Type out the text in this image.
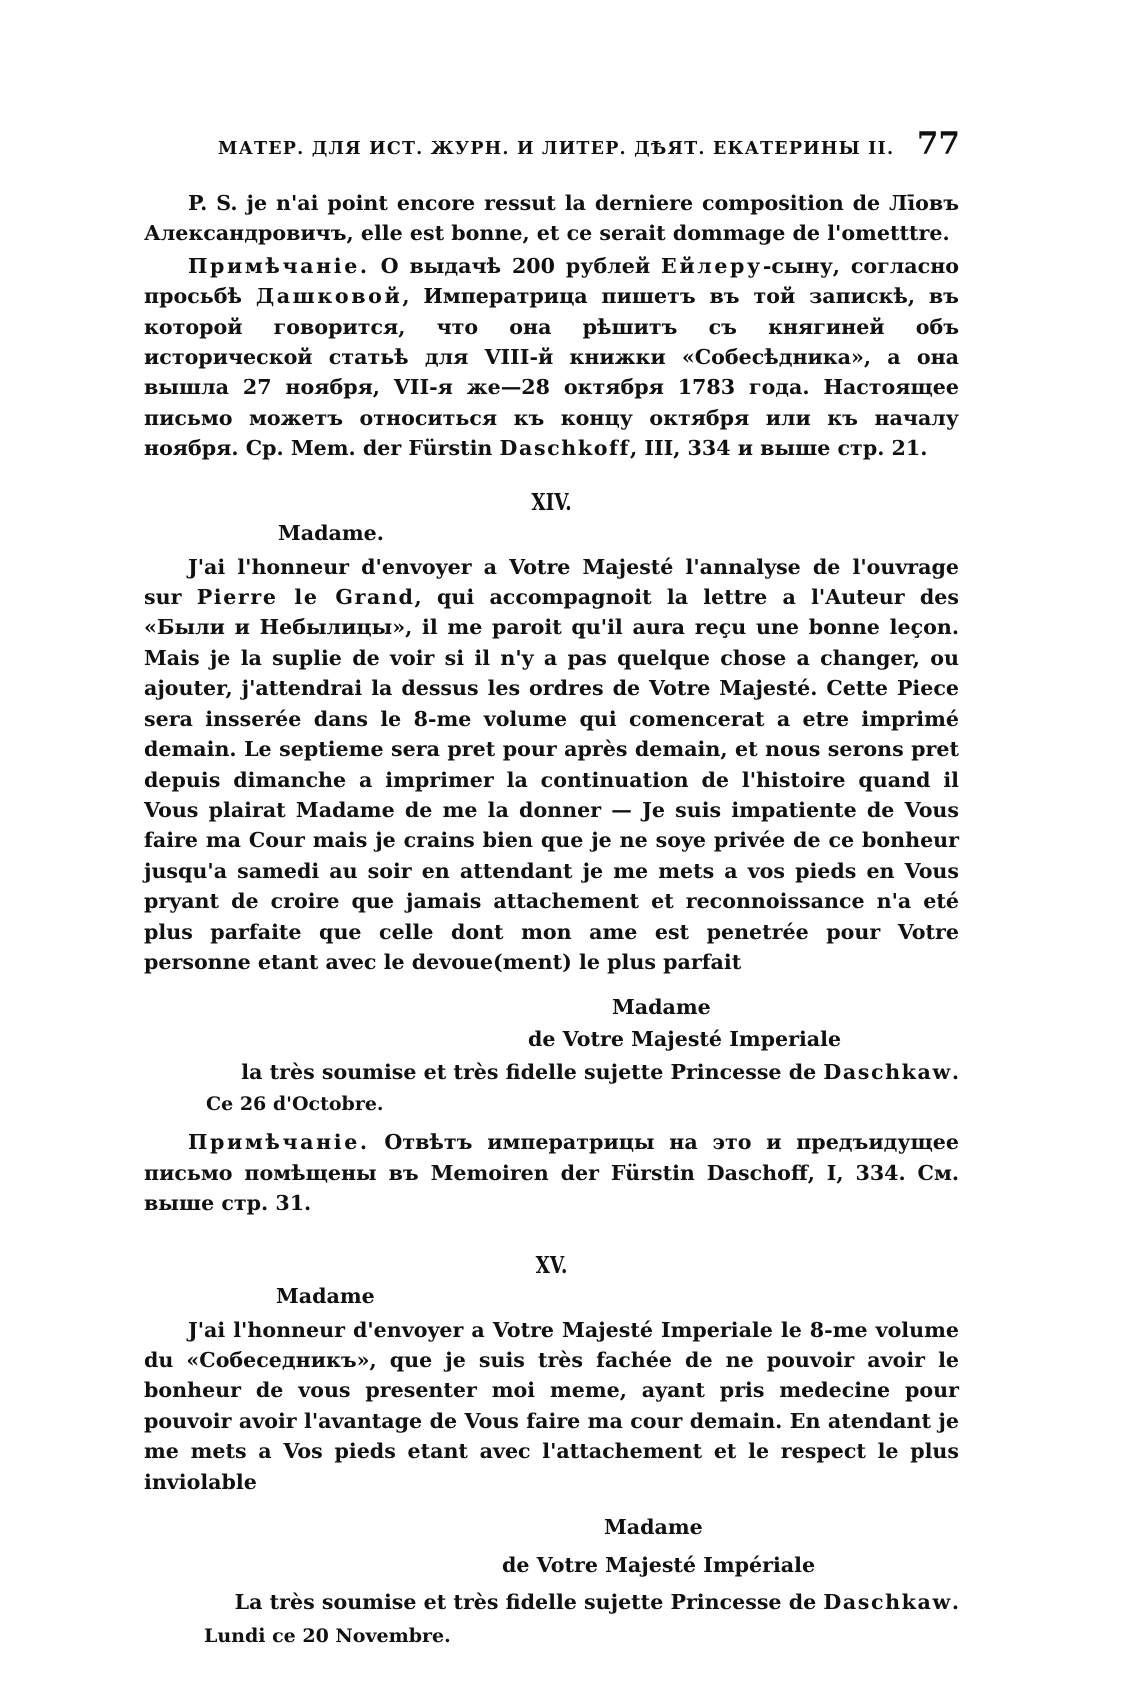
МАТЕР. ДЛЯ ИСТ. ЖУРН. И ЛИТЕР. ДѢЯТ. ЕКАТЕРИНЫ II. 77

P. S. je n'ai point encore ressut la derniere composition de Лīовъ Александровичъ, elle est bonne, et ce serait dommage de l'ometttre.

Примѣчаніе. О выдачѣ 200 рублей Ейлеру-сыну, согласно просьбѣ Дашковой, Императрица пишетъ въ той запискѣ, въ которой говорится, что она рѣшитъ съ княгиней объ исторической статьѣ для VIII-й книжки «Собесѣдника», а она вышла 27 ноября, VII-я же—28 октября 1783 года. Настоящее письмо можетъ относиться къ концу октября или къ началу ноября. Ср. Mem. der Fürstin Daschkoff, III, 334 и выше стр. 21.

XIV.
Madame.

J'ai l'honneur d'envoyer a Votre Majesté l'annalyse de l'ouvrage sur Pierre le Grand, qui accompagnoit la lettre a l'Auteur des «Были и Небылицы», il me paroit qu'il aura reçu une bonne leçon. Mais je la suplie de voir si il n'y a pas quelque chose a changer, ou ajouter, j'attendrai la dessus les ordres de Votre Majesté. Cette Piece sera insserée dans le 8-me volume qui comencerat a etre imprimé demain. Le septieme sera pret pour après demain, et nous serons pret depuis dimanche a imprimer la continuation de l'histoire quand il Vous plairat Madame de me la donner — Je suis impatiente de Vous faire ma Cour mais je crains bien que je ne soye privée de ce bonheur jusqu'a samedi au soir en attendant je me mets a vos pieds en Vous pryant de croire que jamais attachement et reconnoissance n'a eté plus parfaite que celle dont mon ame est penetrée pour Votre personne etant avec le devoue(ment) le plus parfait

Madame
de Votre Majesté Imperiale
la très soumise et très fidelle sujette Princesse de Daschkaw.
Ce 26 d'Octobre.

Примѣчаніе. Отвѣтъ императрицы на это и предъидущее письмо помѣщены въ Memoiren der Fürstin Daschoff, I, 334. См. выше стр. 31.

XV.
Madame

J'ai l'honneur d'envoyer a Votre Majesté Imperiale le 8-me volume du «Собеседникъ», que je suis très fachée de ne pouvoir avoir le bonheur de vous presenter moi meme, ayant pris medecine pour pouvoir avoir l'avantage de Vous faire ma cour demain. En atendant je me mets a Vos pieds etant avec l'attachement et le respect le plus inviolable

Madame
de Votre Majesté Impériale
La très soumise et très fidelle sujette Princesse de Daschkaw.
Lundi ce 20 Novembre.
